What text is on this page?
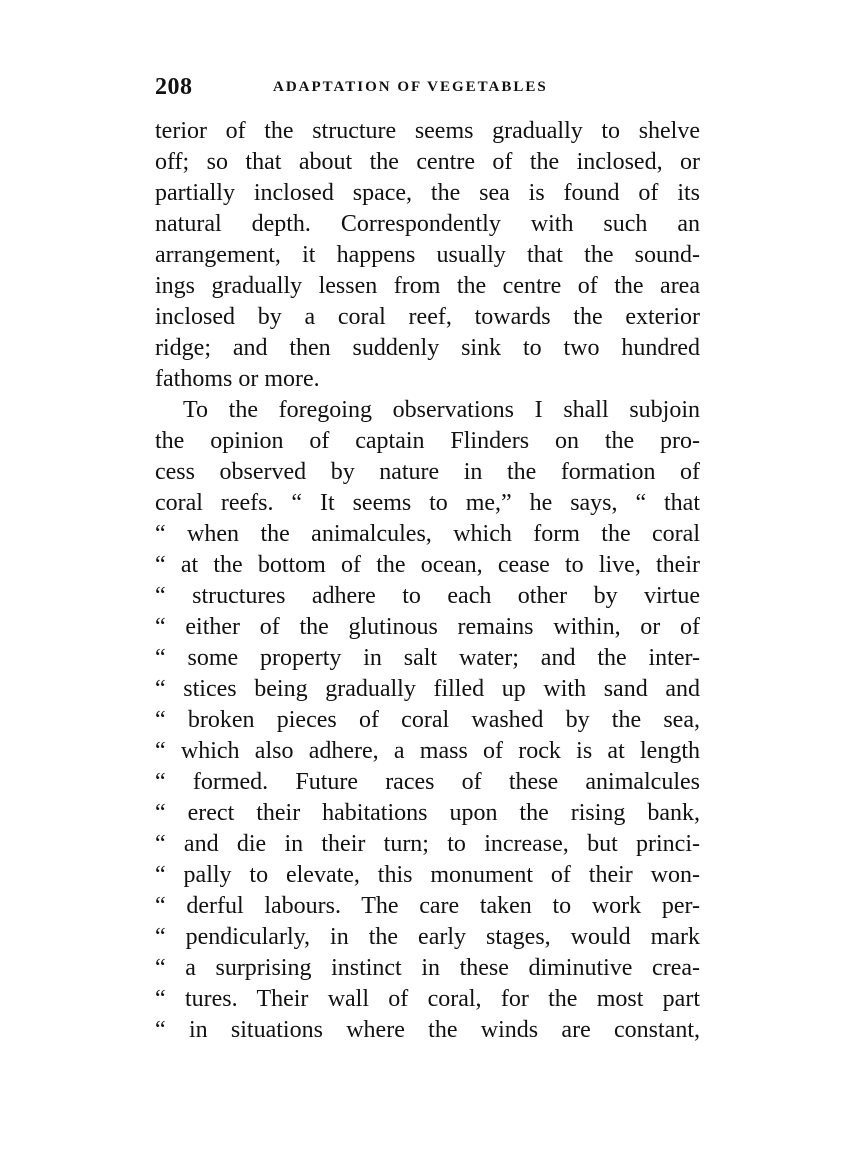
208	ADAPTATION OF VEGETABLES
terior of the structure seems gradually to shelve
off; so that about the centre of the inclosed, or
partially inclosed space, the sea is found of its
natural depth. Correspondently with such an
arrangement, it happens usually that the sound-
ings gradually lessen from the centre of the area
inclosed by a coral reef, towards the exterior
ridge; and then suddenly sink to two hundred
fathoms or more.
To the foregoing observations I shall subjoin
the opinion of captain Flinders on the pro-
cess observed by nature in the formation of
coral reefs. “ It seems to me,” he says, “ that
“ when the animalcules, which form the coral
“ at the bottom of the ocean, cease to live, their
“ structures adhere to each other by virtue
“ either of the glutinous remains within, or of
“ some property in salt water; and the inter-
“ stices being gradually filled up with sand and
“ broken pieces of coral washed by the sea,
“ which also adhere, a mass of rock is at length
“ formed. Future races of these animalcules
“ erect their habitations upon the rising bank,
“ and die in their turn; to increase, but princi-
“ pally to elevate, this monument of their won-
“ derful labours. The care taken to work per-
“ pendicularly, in the early stages, would mark
“ a surprising instinct in these diminutive crea-
“ tures. Their wall of coral, for the most part
“ in situations where the winds are constant,
